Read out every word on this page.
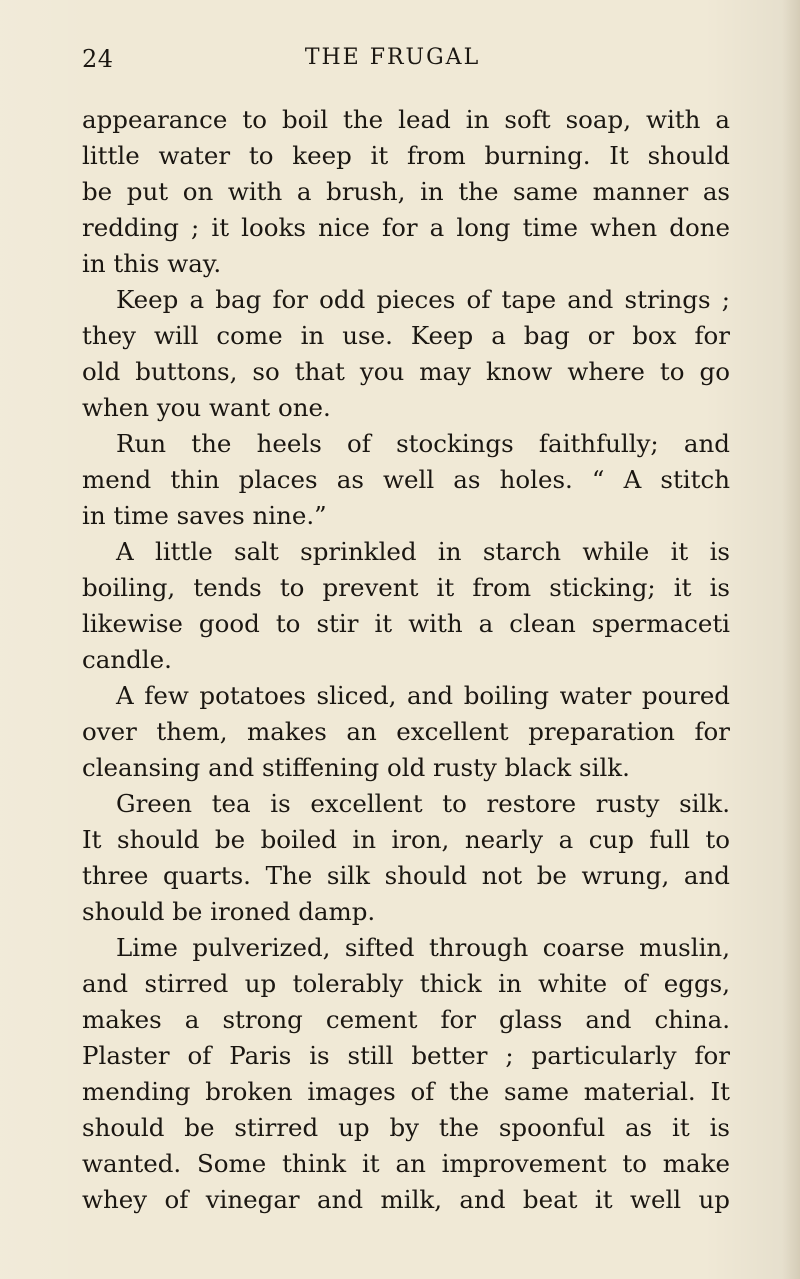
24	THE FRUGAL
appearance to boil the lead in soft soap, with a
little water to keep it from burning. It should
be put on with a brush, in the same manner as
redding ; it looks nice for a long time when done
in this way.
Keep a bag for odd pieces of tape and strings ;
they will come in use. Keep a bag or box for
old buttons, so that you may know where to go
when you want one.
Run the heels of stockings faithfully; and
mend thin places as well as holes. “ A stitch
in time saves nine.”
A little salt sprinkled in starch while it is
boiling, tends to prevent it from sticking; it is
likewise good to stir it with a clean spermaceti
candle.
A few potatoes sliced, and boiling water poured
over them, makes an excellent preparation for
cleansing and stiffening old rusty black silk.
Green tea is excellent to restore rusty silk.
It should be boiled in iron, nearly a cup full to
three quarts. The silk should not be wrung, and
should be ironed damp.
Lime pulverized, sifted through coarse muslin,
and stirred up tolerably thick in white of eggs,
makes a strong cement for glass and china.
Plaster of Paris is still better ; particularly for
mending broken images of the same material. It
should be stirred up by the spoonful as it is
wanted. Some think it an improvement to make
whey of vinegar and milk, and beat it well up
